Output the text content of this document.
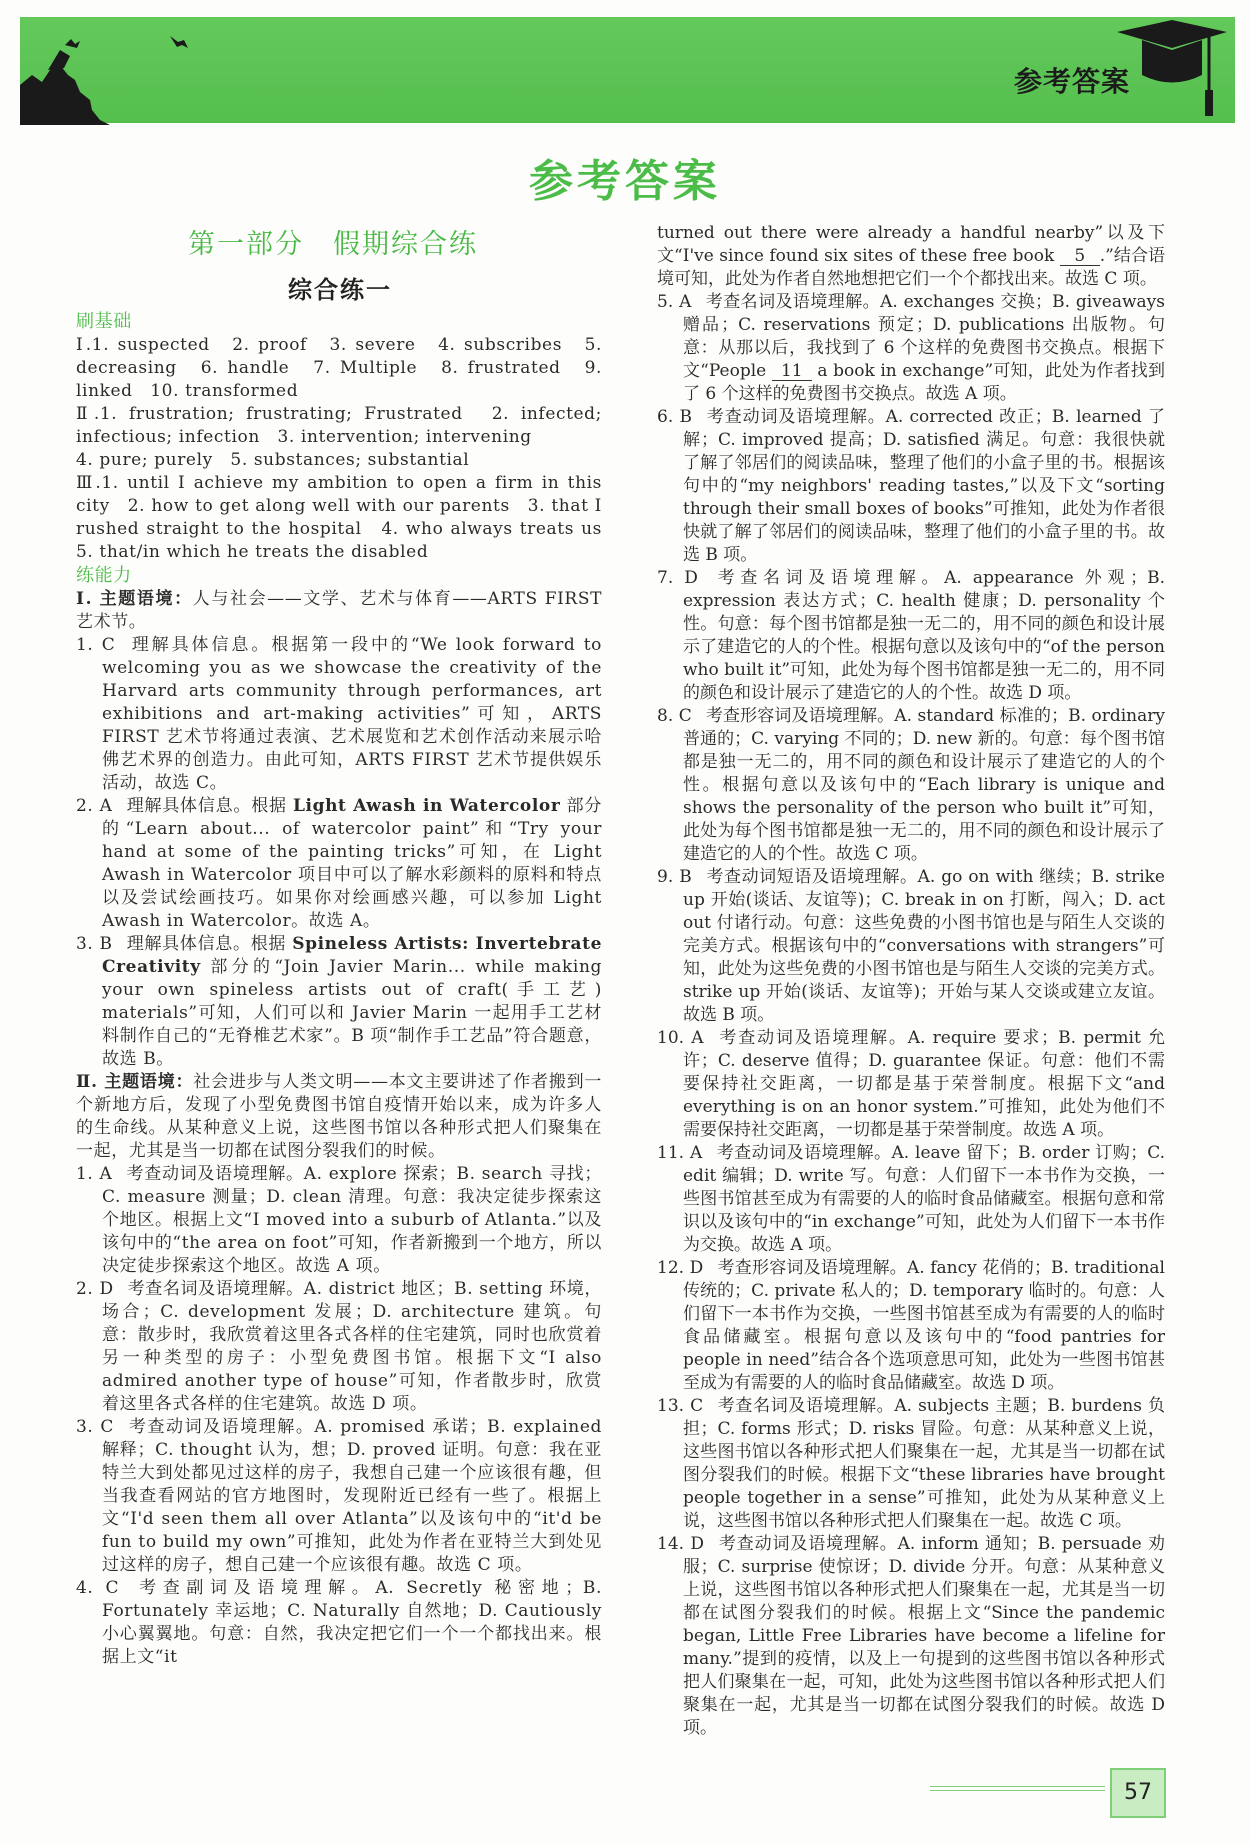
参考答案
参考答案
第一部分　假期综合练
综合练一
刷基础
Ⅰ.1. suspected　2. proof　3. severe　4. subscribes　5. decreasing　6. handle　7. Multiple　8. frustrated　9. linked　10. transformed
Ⅱ.1. frustration; frustrating; Frustrated　2. infected; infectious; infection　3. intervention; intervening
4. pure; purely　5. substances; substantial
Ⅲ.1. until I achieve my ambition to open a firm in this city　2. how to get along well with our parents　3. that I rushed straight to the hospital　4. who always treats us　5. that/in which he treats the disabled
练能力
Ⅰ. 主题语境：人与社会——文学、艺术与体育——ARTS FIRST 艺术节。
1. C 理解具体信息。根据第一段中的“We look forward to welcoming you as we showcase the creativity of the Harvard arts community through performances, art exhibitions and art-making activities”可知，ARTS FIRST 艺术节将通过表演、艺术展览和艺术创作活动来展示哈佛艺术界的创造力。由此可知，ARTS FIRST 艺术节提供娱乐活动，故选 C。
2. A 理解具体信息。根据 Light Awash in Watercolor 部分的“Learn about... of watercolor paint”和“Try your hand at some of the painting tricks”可知，在 Light Awash in Watercolor 项目中可以了解水彩颜料的原料和特点以及尝试绘画技巧。如果你对绘画感兴趣，可以参加 Light Awash in Watercolor。故选 A。
3. B 理解具体信息。根据 Spineless Artists: Invertebrate Creativity 部分的“Join Javier Marin... while making your own spineless artists out of craft(手工艺) materials”可知，人们可以和 Javier Marin 一起用手工艺材料制作自己的“无脊椎艺术家”。B 项“制作手工艺品”符合题意，故选 B。
Ⅱ. 主题语境：社会进步与人类文明——本文主要讲述了作者搬到一个新地方后，发现了小型免费图书馆自疫情开始以来，成为许多人的生命线。从某种意义上说，这些图书馆以各种形式把人们聚集在一起，尤其是当一切都在试图分裂我们的时候。
1. A 考查动词及语境理解。A. explore 探索；B. search 寻找；C. measure 测量；D. clean 清理。句意：我决定徒步探索这个地区。根据上文“I moved into a suburb of Atlanta.”以及该句中的“the area on foot”可知，作者新搬到一个地方，所以决定徒步探索这个地区。故选 A 项。
2. D 考查名词及语境理解。A. district 地区；B. setting 环境，场合；C. development 发展；D. architecture 建筑。句意：散步时，我欣赏着这里各式各样的住宅建筑，同时也欣赏着另一种类型的房子：小型免费图书馆。根据下文“I also admired another type of house”可知，作者散步时，欣赏着这里各式各样的住宅建筑。故选 D 项。
3. C 考查动词及语境理解。A. promised 承诺；B. explained 解释；C. thought 认为，想；D. proved 证明。句意：我在亚特兰大到处都见过这样的房子，我想自己建一个应该很有趣，但当我查看网站的官方地图时，发现附近已经有一些了。根据上文“I'd seen them all over Atlanta”以及该句中的“it'd be fun to build my own”可推知，此处为作者在亚特兰大到处见过这样的房子，想自己建一个应该很有趣。故选 C 项。
4. C 考查副词及语境理解。A. Secretly 秘密地；B. Fortunately 幸运地；C. Naturally 自然地；D. Cautiously 小心翼翼地。句意：自然，我决定把它们一个一个都找出来。根据上文“it
turned out there were already a handful nearby”以及下文“I've since found six sites of these free book 5 .”结合语境可知，此处为作者自然地想把它们一个个都找出来。故选 C 项。
5. A 考查名词及语境理解。A. exchanges 交换；B. giveaways 赠品；C. reservations 预定；D. publications 出版物。句意：从那以后，我找到了 6 个这样的免费图书交换点。根据下文“People 11 a book in exchange”可知，此处为作者找到了 6 个这样的免费图书交换点。故选 A 项。
6. B 考查动词及语境理解。A. corrected 改正；B. learned 了解；C. improved 提高；D. satisfied 满足。句意：我很快就了解了邻居们的阅读品味，整理了他们的小盒子里的书。根据该句中的“my neighbors' reading tastes,”以及下文“sorting through their small boxes of books”可推知，此处为作者很快就了解了邻居们的阅读品味，整理了他们的小盒子里的书。故选 B 项。
7. D 考查名词及语境理解。A. appearance 外观；B. expression 表达方式；C. health 健康；D. personality 个性。句意：每个图书馆都是独一无二的，用不同的颜色和设计展示了建造它的人的个性。根据句意以及该句中的“of the person who built it”可知，此处为每个图书馆都是独一无二的，用不同的颜色和设计展示了建造它的人的个性。故选 D 项。
8. C 考查形容词及语境理解。A. standard 标准的；B. ordinary 普通的；C. varying 不同的；D. new 新的。句意：每个图书馆都是独一无二的，用不同的颜色和设计展示了建造它的人的个性。根据句意以及该句中的“Each library is unique and shows the personality of the person who built it”可知，此处为每个图书馆都是独一无二的，用不同的颜色和设计展示了建造它的人的个性。故选 C 项。
9. B 考查动词短语及语境理解。A. go on with 继续；B. strike up 开始(谈话、友谊等)；C. break in on 打断，闯入；D. act out 付诸行动。句意：这些免费的小图书馆也是与陌生人交谈的完美方式。根据该句中的“conversations with strangers”可知，此处为这些免费的小图书馆也是与陌生人交谈的完美方式。strike up 开始(谈话、友谊等)；开始与某人交谈或建立友谊。故选 B 项。
10. A 考查动词及语境理解。A. require 要求；B. permit 允许；C. deserve 值得；D. guarantee 保证。句意：他们不需要保持社交距离，一切都是基于荣誉制度。根据下文“and everything is on an honor system.”可推知，此处为他们不需要保持社交距离，一切都是基于荣誉制度。故选 A 项。
11. A 考查动词及语境理解。A. leave 留下；B. order 订购；C. edit 编辑；D. write 写。句意：人们留下一本书作为交换，一些图书馆甚至成为有需要的人的临时食品储藏室。根据句意和常识以及该句中的“in exchange”可知，此处为人们留下一本书作为交换。故选 A 项。
12. D 考查形容词及语境理解。A. fancy 花俏的；B. traditional 传统的；C. private 私人的；D. temporary 临时的。句意：人们留下一本书作为交换，一些图书馆甚至成为有需要的人的临时食品储藏室。根据句意以及该句中的“food pantries for people in need”结合各个选项意思可知，此处为一些图书馆甚至成为有需要的人的临时食品储藏室。故选 D 项。
13. C 考查名词及语境理解。A. subjects 主题；B. burdens 负担；C. forms 形式；D. risks 冒险。句意：从某种意义上说，这些图书馆以各种形式把人们聚集在一起，尤其是当一切都在试图分裂我们的时候。根据下文“these libraries have brought people together in a sense”可推知，此处为从某种意义上说，这些图书馆以各种形式把人们聚集在一起。故选 C 项。
14. D 考查动词及语境理解。A. inform 通知；B. persuade 劝服；C. surprise 使惊讶；D. divide 分开。句意：从某种意义上说，这些图书馆以各种形式把人们聚集在一起，尤其是当一切都在试图分裂我们的时候。根据上文“Since the pandemic began, Little Free Libraries have become a lifeline for many.”提到的疫情，以及上一句提到的这些图书馆以各种形式把人们聚集在一起，可知，此处为这些图书馆以各种形式把人们聚集在一起，尤其是当一切都在试图分裂我们的时候。故选 D 项。
57
